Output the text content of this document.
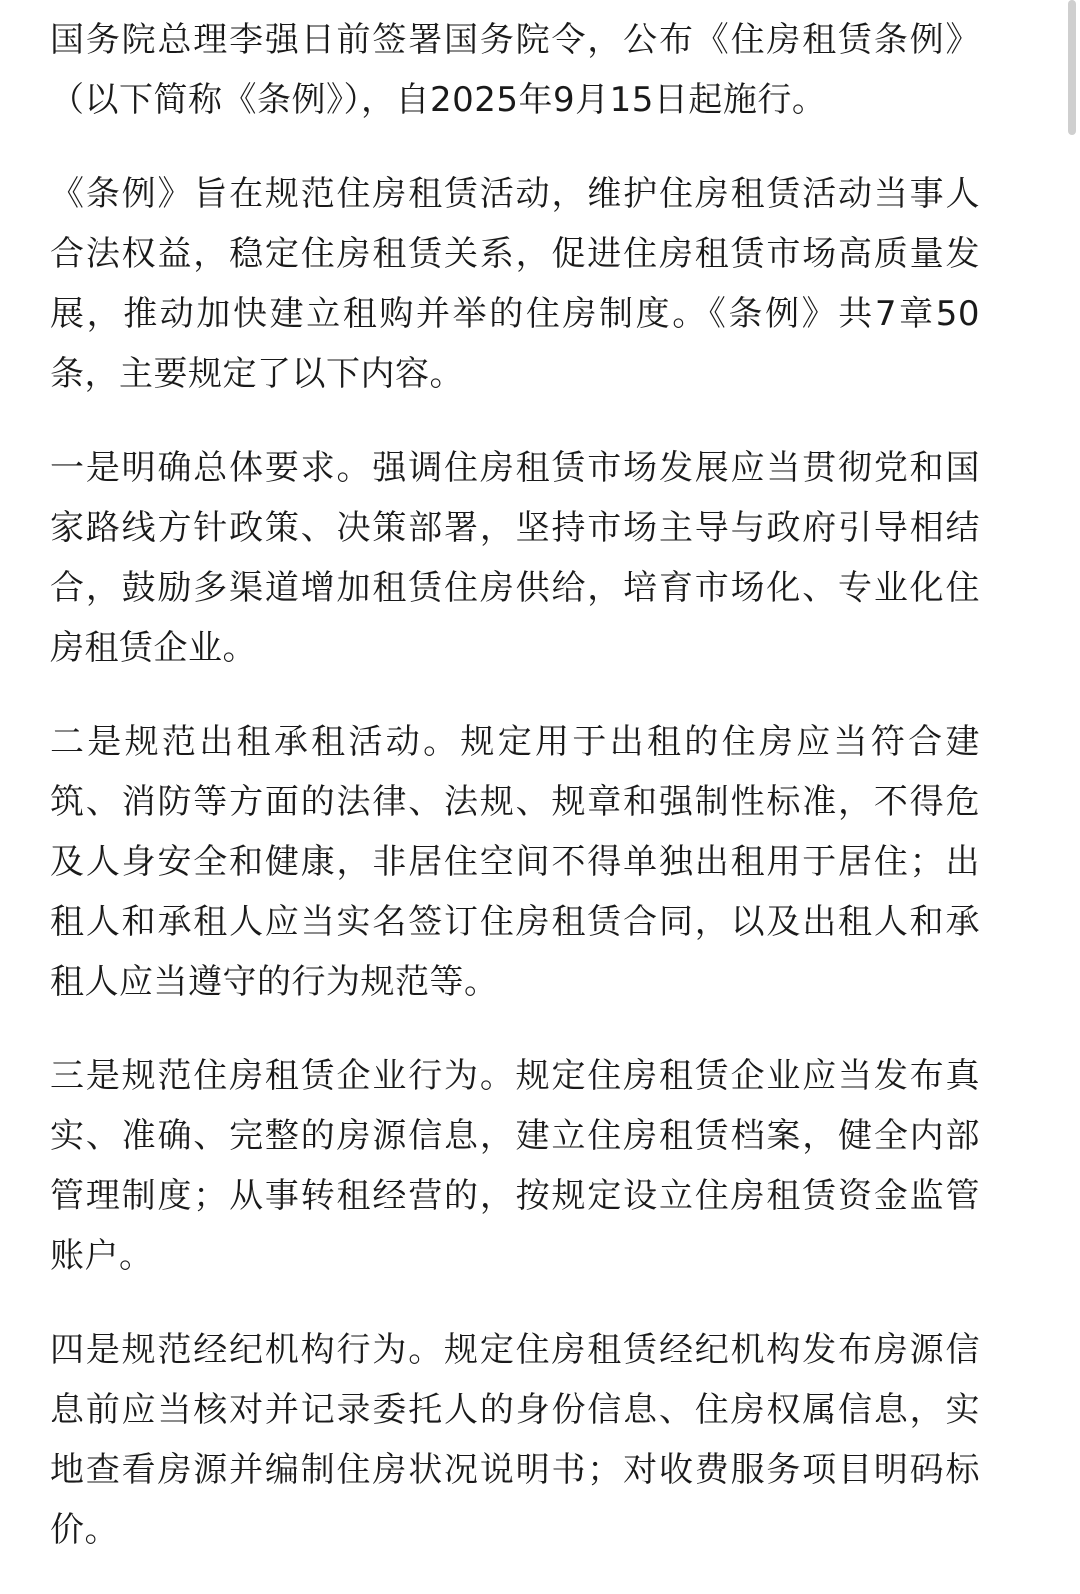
国务院总理李强日前签署国务院令，公布《住房租赁条例》（以下简称《条例》），自2025年9月15日起施行。

《条例》旨在规范住房租赁活动，维护住房租赁活动当事人合法权益，稳定住房租赁关系，促进住房租赁市场高质量发展，推动加快建立租购并举的住房制度。《条例》共7章50条，主要规定了以下内容。

一是明确总体要求。强调住房租赁市场发展应当贯彻党和国家路线方针政策、决策部署，坚持市场主导与政府引导相结合，鼓励多渠道增加租赁住房供给，培育市场化、专业化住房租赁企业。

二是规范出租承租活动。规定用于出租的住房应当符合建筑、消防等方面的法律、法规、规章和强制性标准，不得危及人身安全和健康，非居住空间不得单独出租用于居住；出租人和承租人应当实名签订住房租赁合同，以及出租人和承租人应当遵守的行为规范等。

三是规范住房租赁企业行为。规定住房租赁企业应当发布真实、准确、完整的房源信息，建立住房租赁档案，健全内部管理制度；从事转租经营的，按规定设立住房租赁资金监管账户。

四是规范经纪机构行为。规定住房租赁经纪机构发布房源信息前应当核对并记录委托人的身份信息、住房权属信息，实地查看房源并编制住房状况说明书；对收费服务项目明码标价。
